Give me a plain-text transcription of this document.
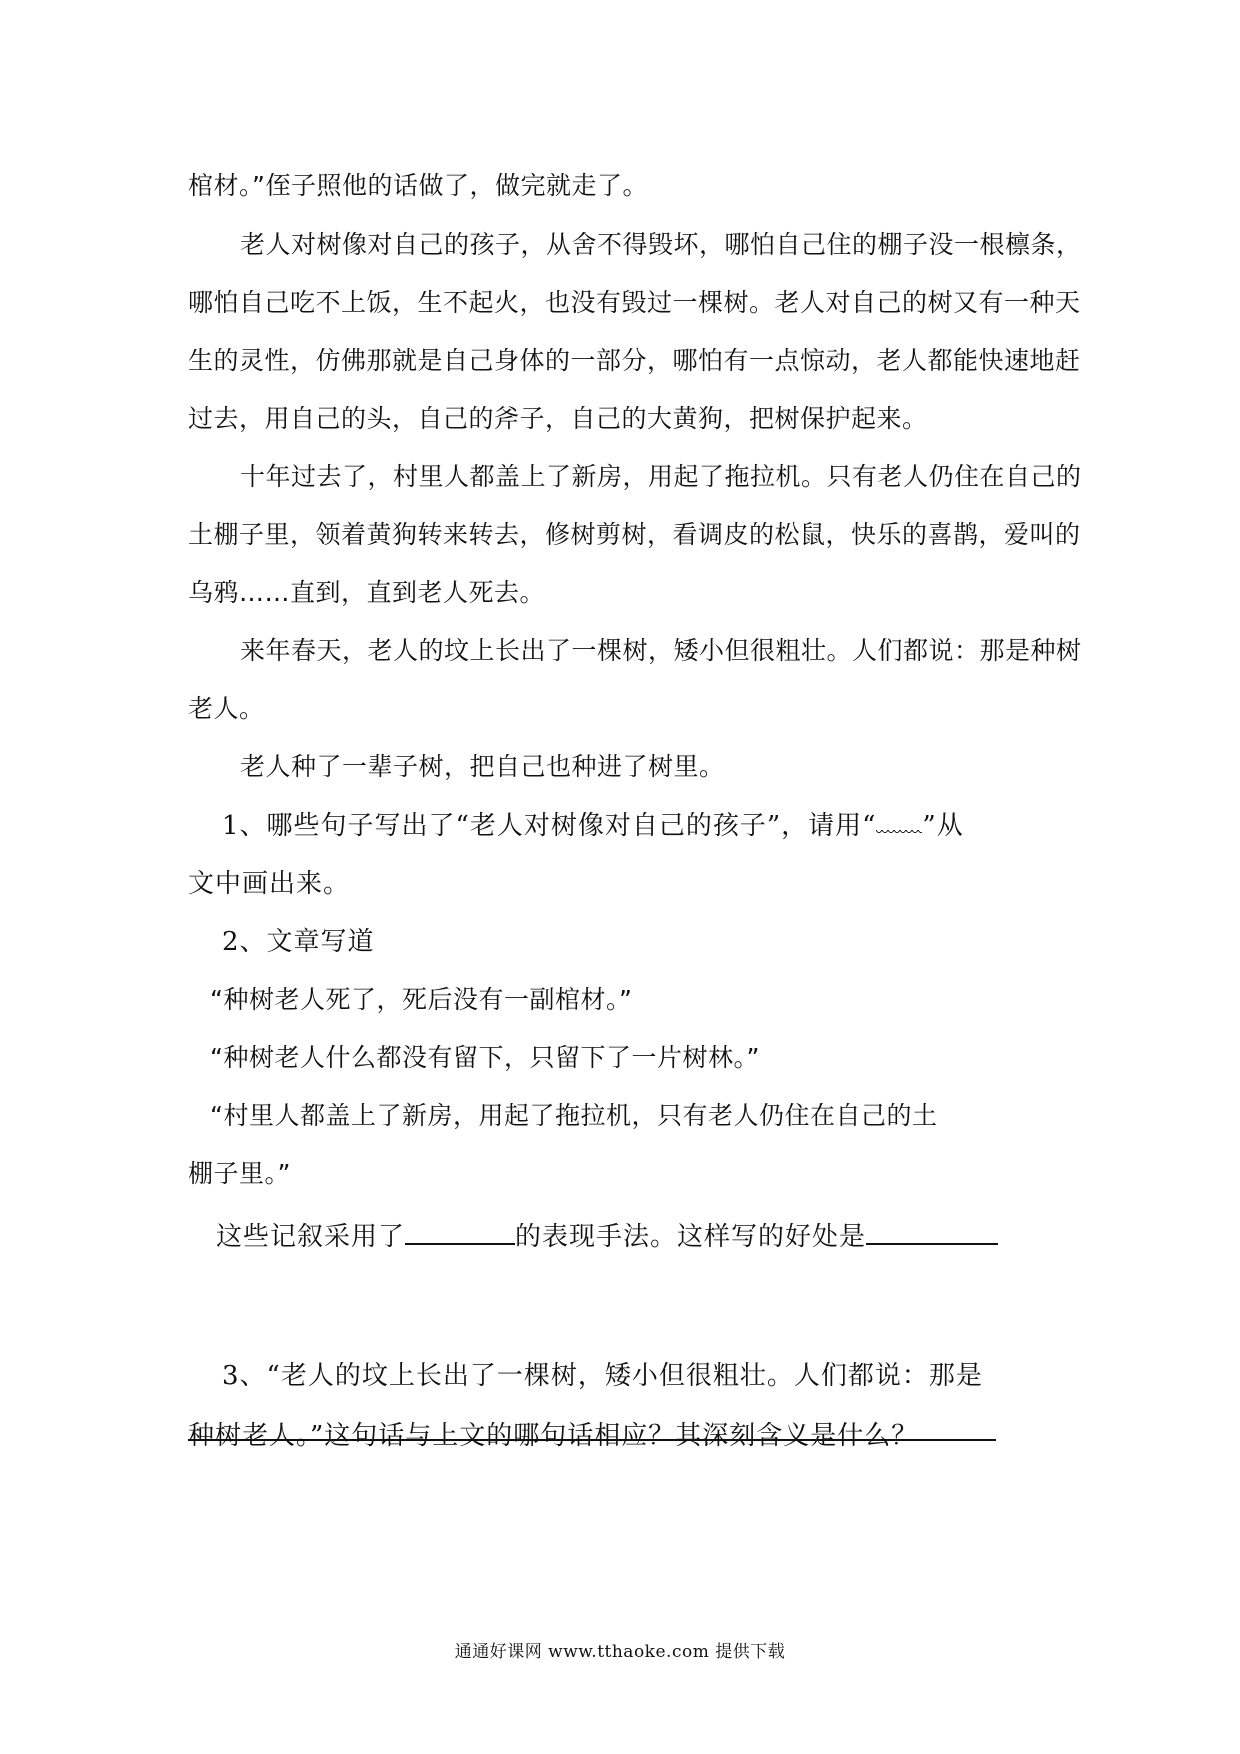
棺材。”侄子照他的话做了，做完就走了。
老人对树像对自己的孩子，从舍不得毁坏，哪怕自己住的棚子没一根檩条，
哪怕自己吃不上饭，生不起火，也没有毁过一棵树。老人对自己的树又有一种天
生的灵性，仿佛那就是自己身体的一部分，哪怕有一点惊动，老人都能快速地赶
过去，用自己的头，自己的斧子，自己的大黄狗，把树保护起来。
十年过去了，村里人都盖上了新房，用起了拖拉机。只有老人仍住在自己的
土棚子里，领着黄狗转来转去，修树剪树，看调皮的松鼠，快乐的喜鹊，爱叫的
乌鸦……直到，直到老人死去。
来年春天，老人的坟上长出了一棵树，矮小但很粗壮。人们都说：那是种树
老人。
老人种了一辈子树，把自己也种进了树里。
1、哪些句子写出了“老人对树像对自己的孩子”，请用“ ”从
文中画出来。
2、文章写道
“种树老人死了，死后没有一副棺材。”
“种树老人什么都没有留下，只留下了一片树林。”
“村里人都盖上了新房，用起了拖拉机，只有老人仍住在自己的土
棚子里。”
这些记叙采用了	的表现手法。这样写的好处是
3、“老人的坟上长出了一棵树，矮小但很粗壮。人们都说：那是
种树老人。”这句话与上文的哪句话相应？其深刻含义是什么？
通通好课网 www.tthaoke.com 提供下载
